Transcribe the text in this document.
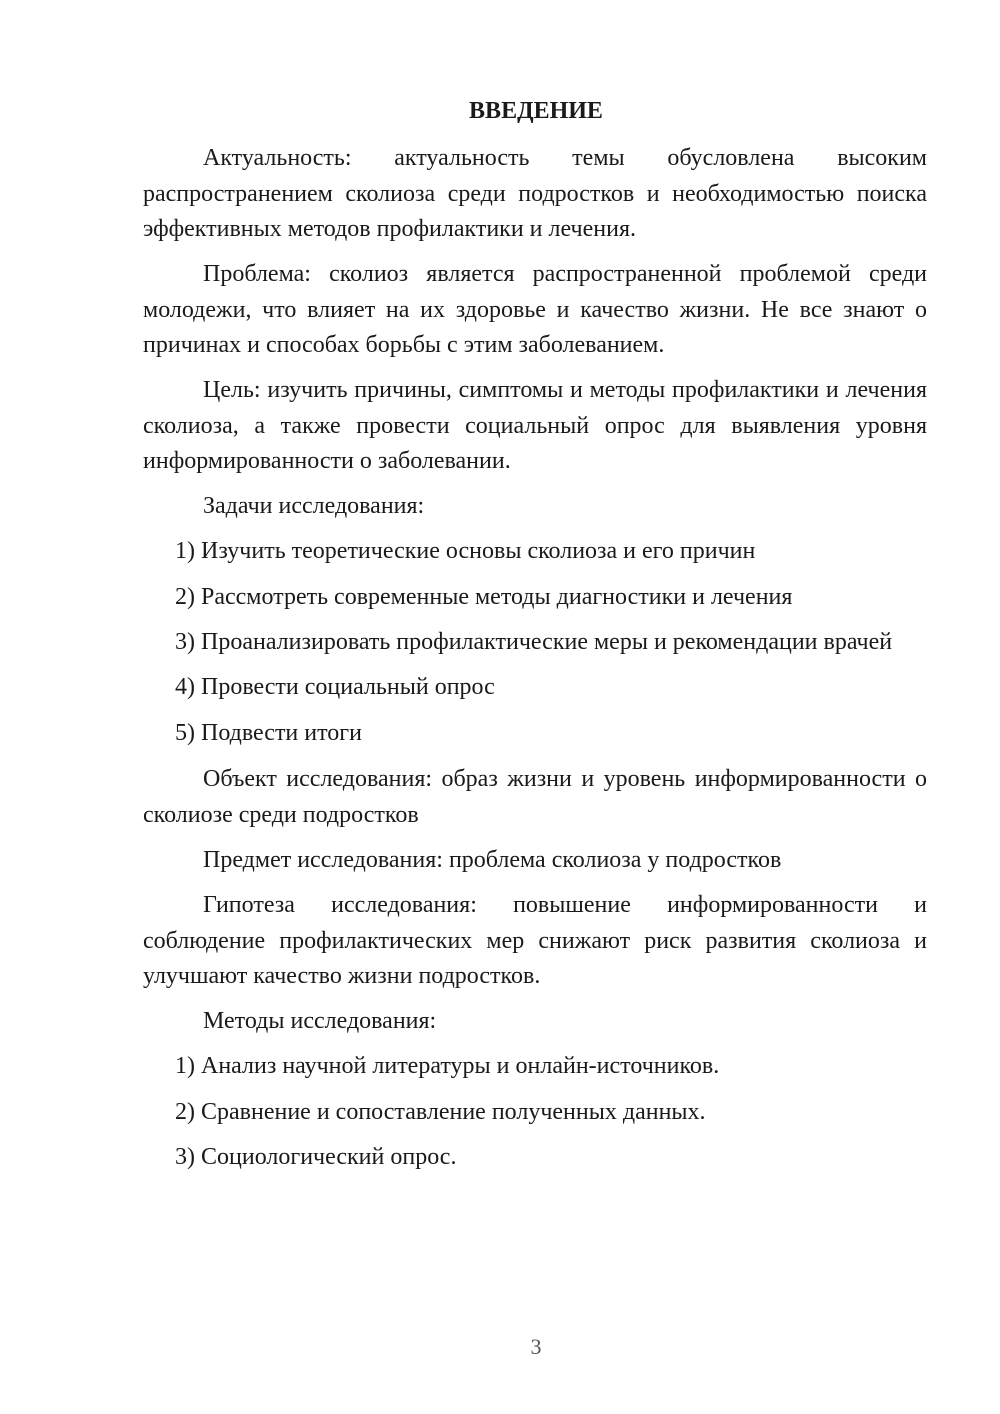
ВВЕДЕНИЕ

Актуальность: актуальность темы обусловлена высоким распространением сколиоза среди подростков и необходимостью поиска эффективных методов профилактики и лечения.

Проблема: сколиоз является распространенной проблемой среди молодежи, что влияет на их здоровье и качество жизни. Не все знают о причинах и способах борьбы с этим заболеванием.

Цель: изучить причины, симптомы и методы профилактики и лечения сколиоза, а также провести социальный опрос для выявления уровня информированности о заболевании.

Задачи исследования:

1) Изучить теоретические основы сколиоза и его причин

2) Рассмотреть современные методы диагностики и лечения

3) Проанализировать профилактические меры и рекомендации врачей

4) Провести социальный опрос

5) Подвести итоги

Объект исследования: образ жизни и уровень информированности о сколиозе среди подростков

Предмет исследования: проблема сколиоза у подростков

Гипотеза исследования: повышение информированности и соблюдение профилактических мер снижают риск развития сколиоза и улучшают качество жизни подростков.

Методы исследования:

1) Анализ научной литературы и онлайн-источников.

2) Сравнение и сопоставление полученных данных.

3) Социологический опрос.

3
